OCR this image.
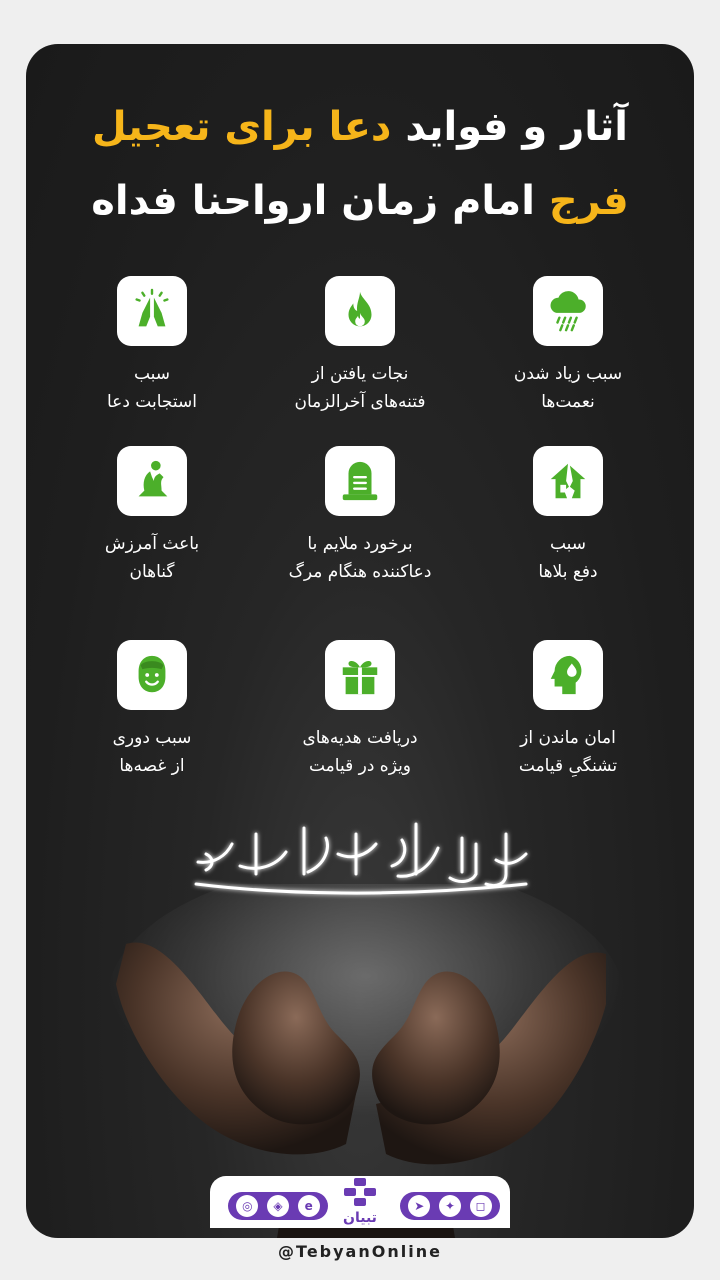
آثار و فواید دعا برای تعجیل
فرج امام زمان ارواحنا فداه
سبب زیاد شدن
نعمت‌ها
نجات یافتن از
فتنه‌های آخرالزمان
سبب
استجابت دعا
سبب
دفع بلاها
برخورد ملایم با
دعاکننده هنگام مرگ
باعث آمرزش
گناهان
امان ماندن از
تشنگیِ قیامت
دریافت هدیه‌های
ویژه در قیامت
سبب دوری
از غصه‌ها
◎	◈	e	➤	✦	◻
تبیان
@TebyanOnline
